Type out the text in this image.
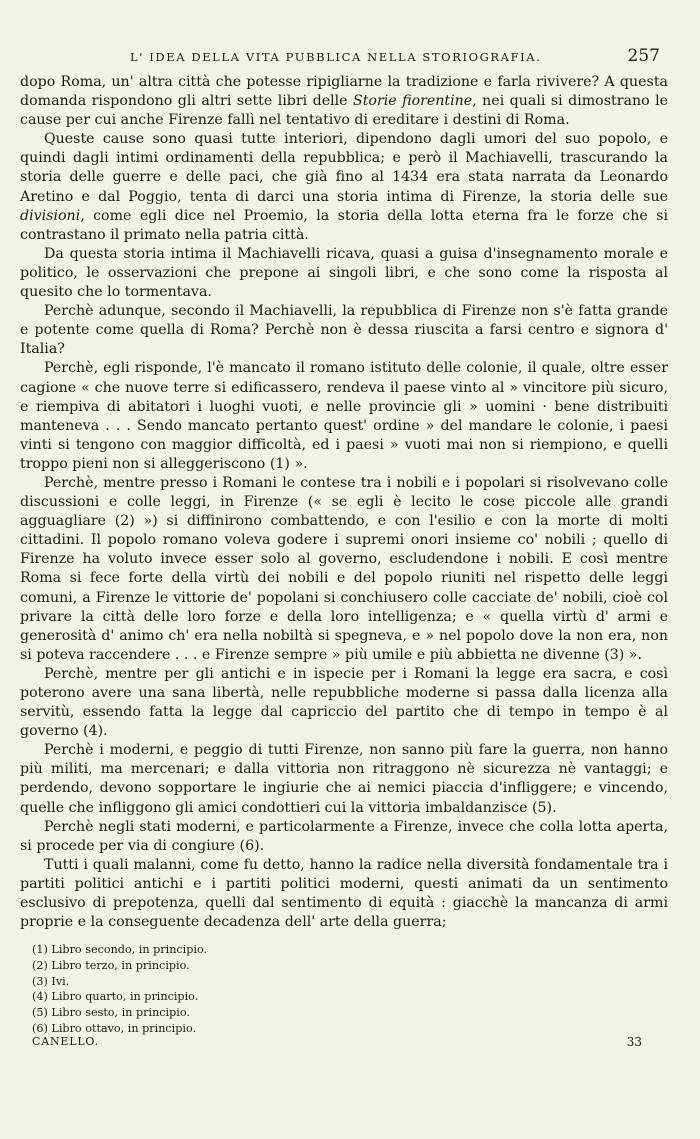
L' IDEA DELLA VITA PUBBLICA NELLA STORIOGRAFIA.	257

dopo Roma, un' altra città che potesse ripigliarne la tradizione e farla rivivere? A questa domanda rispondono gli altri sette libri delle Storie fiorentine, nei quali si dimostrano le cause per cui anche Firenze fallì nel tentativo di ereditare i destini di Roma.

Queste cause sono quasi tutte interiori, dipendono dagli umori del suo popolo, e quindi dagli intimi ordinamenti della repubblica; e però il Machiavelli, trascurando la storia delle guerre e delle paci, che già fino al 1434 era stata narrata da Leonardo Aretino e dal Poggio, tenta di darci una storia intima di Firenze, la storia delle sue divisioni, come egli dice nel Proemio, la storia della lotta eterna fra le forze che si contrastano il primato nella patria città.

Da questa storia intima il Machiavelli ricava, quasi a guisa d'insegnamento morale e politico, le osservazioni che prepone ai singoli libri, e che sono come la risposta al quesito che lo tormentava.

Perchè adunque, secondo il Machiavelli, la repubblica di Firenze non s'è fatta grande e potente come quella di Roma? Perchè non è dessa riuscita a farsi centro e signora d' Italia?

Perchè, egli risponde, l'è mancato il romano istituto delle colonie, il quale, oltre esser cagione « che nuove terre si edificassero, rendeva il paese vinto al » vincitore più sicuro, e riempiva di abitatori i luoghi vuoti, e nelle provincie gli » uomini · bene distribuiti manteneva . . . Sendo mancato pertanto quest' ordine » del mandare le colonie, i paesi vinti si tengono con maggior difficoltà, ed i paesi » vuoti mai non si riempiono, e quelli troppo pieni non si alleggeriscono (1) ».

Perchè, mentre presso i Romani le contese tra i nobili e i popolari si risolvevano colle discussioni e colle leggi, in Firenze (« se egli è lecito le cose piccole alle grandi agguagliare (2) ») si diffinirono combattendo, e con l'esilio e con la morte di molti cittadini. Il popolo romano voleva godere i supremi onori insieme co' nobili ; quello di Firenze ha voluto invece esser solo al governo, escludendone i nobili. E così mentre Roma si fece forte della virtù dei nobili e del popolo riuniti nel rispetto delle leggi comuni, a Firenze le vittorie de' popolani si conchiusero colle cacciate de' nobili, cioè col privare la città delle loro forze e della loro intelligenza; e « quella virtù d' armi e generosità d' animo ch' era nella nobiltà si spegneva, e » nel popolo dove la non era, non si poteva raccendere . . . e Firenze sempre » più umile e più abbietta ne divenne (3) ».

Perchè, mentre per gli antichi e in ispecie per i Romani la legge era sacra, e così poterono avere una sana libertà, nelle repubbliche moderne si passa dalla licenza alla servitù, essendo fatta la legge dal capriccio del partito che di tempo in tempo è al governo (4).

Perchè i moderni, e peggio di tutti Firenze, non sanno più fare la guerra, non hanno più militi, ma mercenari; e dalla vittoria non ritraggono nè sicurezza nè vantaggi; e perdendo, devono sopportare le ingiurie che ai nemici piaccia d'infliggere; e vincendo, quelle che infliggono gli amici condottieri cui la vittoria imbaldanzisce (5).

Perchè negli stati moderni, e particolarmente a Firenze, invece che colla lotta aperta, si procede per via di congiure (6).

Tutti i quali malanni, come fu detto, hanno la radice nella diversità fondamentale tra i partiti politici antichi e i partiti politici moderni, questi animati da un sentimento esclusivo di prepotenza, quelli dal sentimento di equità : giacchè la mancanza di armi proprie e la conseguente decadenza dell' arte della guerra;

(1) Libro secondo, in principio.
(2) Libro terzo, in principio.
(3) Ivi.
(4) Libro quarto, in principio.
(5) Libro sesto, in principio.
(6) Libro ottavo, in principio.
CANELLO.	33
